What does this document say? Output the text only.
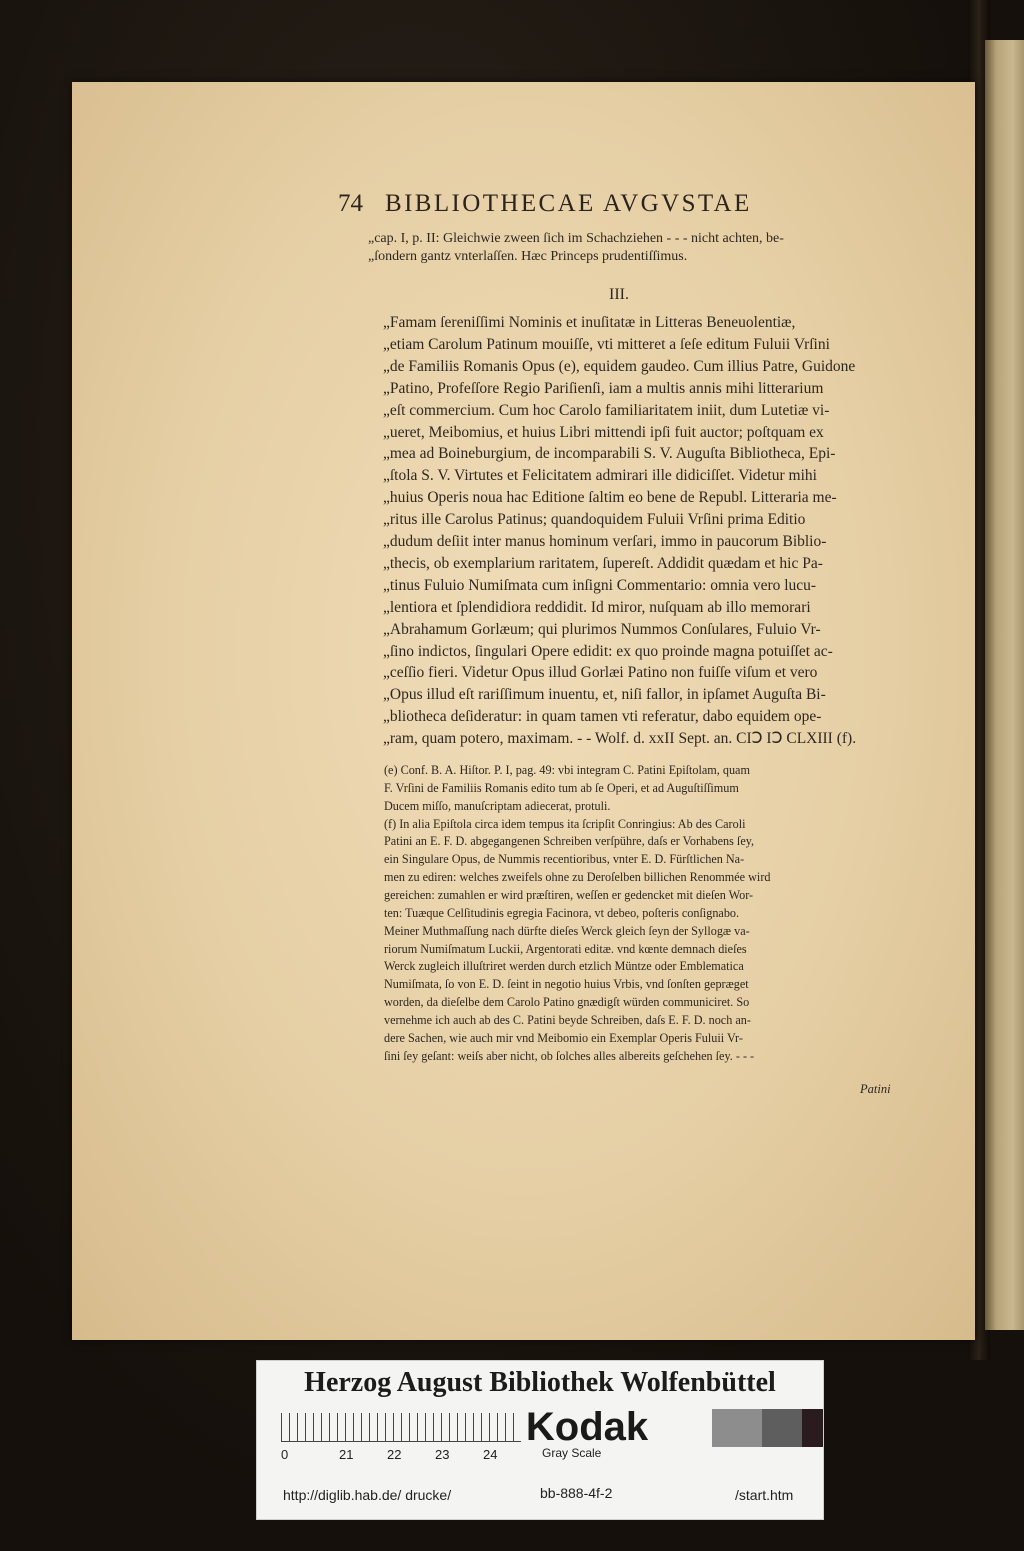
74 BIBLIOTHECAE AVGVSTAE
„cap. I, p. II: Gleichwie zween ſich im Schachziehen - - - nicht achten, be-
„ſondern gantz vnterlaſſen. Hæc Princeps prudentiſſimus.
III.
„Famam ſereniſſimi Nominis et inuſitatæ in Litteras Beneuolentiæ,
„etiam Carolum Patinum mouiſſe, vti mitteret a ſeſe editum Fuluii Vrſini
„de Familiis Romanis Opus (e), equidem gaudeo. Cum illius Patre, Guidone
„Patino, Profeſſore Regio Pariſienſi, iam a multis annis mihi litterarium
„eſt commercium. Cum hoc Carolo familiaritatem iniit, dum Lutetiæ vi-
„ueret, Meibomius, et huius Libri mittendi ipſi fuit auctor; poſtquam ex
„mea ad Boineburgium, de incomparabili S. V. Auguſta Bibliotheca, Epi-
„ſtola S. V. Virtutes et Felicitatem admirari ille didiciſſet. Videtur mihi
„huius Operis noua hac Editione ſaltim eo bene de Republ. Litteraria me-
„ritus ille Carolus Patinus; quandoquidem Fuluii Vrſini prima Editio
„dudum deſiit inter manus hominum verſari, immo in paucorum Biblio-
„thecis, ob exemplarium raritatem, ſupereſt. Addidit quædam et hic Pa-
„tinus Fuluio Numiſmata cum inſigni Commentario: omnia vero lucu-
„lentiora et ſplendidiora reddidit. Id miror, nuſquam ab illo memorari
„Abrahamum Gorlæum; qui plurimos Nummos Conſulares, Fuluio Vr-
„ſino indictos, ſingulari Opere edidit: ex quo proinde magna potuiſſet ac-
„ceſſio fieri. Videtur Opus illud Gorlæi Patino non fuiſſe viſum et vero
„Opus illud eſt rariſſimum inuentu, et, niſi fallor, in ipſamet Auguſta Bi-
„bliotheca deſideratur: in quam tamen vti referatur, dabo equidem ope-
„ram, quam potero, maximam. - - Wolf. d. xxII Sept. an. CIↃ IↃ CLXIII (f).
(e) Conf. B. A. Hiſtor. P. I, pag. 49: vbi integram C. Patini Epiſtolam, quam
F. Vrſini de Familiis Romanis edito tum ab ſe Operi, et ad Auguſtiſſimum
Ducem miſſo, manuſcriptam adiecerat, protuli.
(f) In alia Epiſtola circa idem tempus ita ſcripſit Conringius: Ab des Caroli
Patini an E. F. D. abgegangenen Schreiben verſpühre, daſs er Vorhabens ſey,
ein Singulare Opus, de Nummis recentioribus, vnter E. D. Fürſtlichen Na-
men zu ediren: welches zweifels ohne zu Deroſelben billichen Renommée wird
gereichen: zumahlen er wird præſtiren, weſſen er gedencket mit dieſen Wor-
ten: Tuæque Celſitudinis egregia Facinora, vt debeo, poſteris conſignabo.
Meiner Muthmaſſung nach dürfte dieſes Werck gleich ſeyn der Syllogæ va-
riorum Numiſmatum Luckii, Argentorati editæ. vnd kœnte demnach dieſes
Werck zugleich illuſtriret werden durch etzlich Müntze oder Emblematica
Numiſmata, ſo von E. D. ſeint in negotio huius Vrbis, vnd ſonſten gepræget
worden, da dieſelbe dem Carolo Patino gnædigſt würden communiciret. So
vernehme ich auch ab des C. Patini beyde Schreiben, daſs E. F. D. noch an-
dere Sachen, wie auch mir vnd Meibomio ein Exemplar Operis Fuluii Vr-
ſini ſey geſant: weiſs aber nicht, ob ſolches alles albereits geſchehen ſey. - - -
Patini
Herzog August Bibliothek Wolfenbüttel
0	21	22	23	24
Kodak
Gray Scale
http://diglib.hab.de/ drucke/	bb-888-4f-2	/start.htm
